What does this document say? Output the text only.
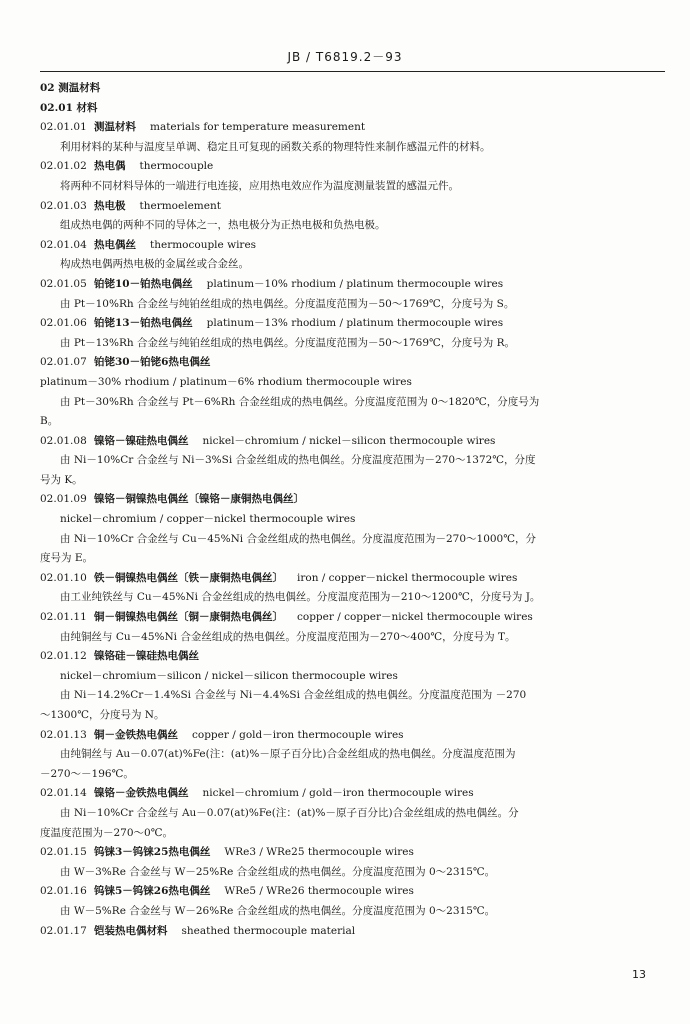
JB / T6819.2－93
02 测温材料
02.01 材料
02.01.01 测温材料 materials for temperature measurement
利用材料的某种与温度呈单调、稳定且可复现的函数关系的物理特性来制作感温元件的材料。
02.01.02 热电偶 thermocouple
将两种不同材料导体的一端进行电连接，应用热电效应作为温度测量装置的感温元件。
02.01.03 热电极 thermoelement
组成热电偶的两种不同的导体之一，热电极分为正热电极和负热电极。
02.01.04 热电偶丝 thermocouple wires
构成热电偶两热电极的金属丝或合金丝。
02.01.05 铂铑10－铂热电偶丝 platinum－10% rhodium / platinum thermocouple wires
由 Pt－10%Rh 合金丝与纯铂丝组成的热电偶丝。分度温度范围为－50～1769℃，分度号为 S。
02.01.06 铂铑13－铂热电偶丝 platinum－13% rhodium / platinum thermocouple wires
由 Pt－13%Rh 合金丝与纯铂丝组成的热电偶丝。分度温度范围为－50～1769℃，分度号为 R。
02.01.07 铂铑30－铂铑6热电偶丝
platinum－30% rhodium / platinum－6% rhodium thermocouple wires
由 Pt－30%Rh 合金丝与 Pt－6%Rh 合金丝组成的热电偶丝。分度温度范围为 0～1820℃，分度号为
B。
02.01.08 镍铬－镍硅热电偶丝 nickel－chromium / nickel－silicon thermocouple wires
由 Ni－10%Cr 合金丝与 Ni－3%Si 合金丝组成的热电偶丝。分度温度范围为－270～1372℃，分度
号为 K。
02.01.09 镍铬－铜镍热电偶丝〔镍铬－康铜热电偶丝〕
nickel－chromium / copper－nickel thermocouple wires
由 Ni－10%Cr 合金丝与 Cu－45%Ni 合金丝组成的热电偶丝。分度温度范围为－270～1000℃，分
度号为 E。
02.01.10 铁－铜镍热电偶丝〔铁－康铜热电偶丝〕 iron / copper－nickel thermocouple wires
由工业纯铁丝与 Cu－45%Ni 合金丝组成的热电偶丝。分度温度范围为－210～1200℃，分度号为 J。
02.01.11 铜－铜镍热电偶丝〔铜－康铜热电偶丝〕 copper / copper－nickel thermocouple wires
由纯铜丝与 Cu－45%Ni 合金丝组成的热电偶丝。分度温度范围为－270～400℃，分度号为 T。
02.01.12 镍铬硅－镍硅热电偶丝
nickel－chromium－silicon / nickel－silicon thermocouple wires
由 Ni－14.2%Cr－1.4%Si 合金丝与 Ni－4.4%Si 合金丝组成的热电偶丝。分度温度范围为 －270
～1300℃，分度号为 N。
02.01.13 铜－金铁热电偶丝 copper / gold－iron thermocouple wires
由纯铜丝与 Au－0.07(at)%Fe(注：(at)%－原子百分比)合金丝组成的热电偶丝。分度温度范围为
－270～－196℃。
02.01.14 镍铬－金铁热电偶丝 nickel－chromium / gold－iron thermocouple wires
由 Ni－10%Cr 合金丝与 Au－0.07(at)%Fe(注：(at)%－原子百分比)合金丝组成的热电偶丝。分
度温度范围为－270～0℃。
02.01.15 钨铼3－钨铼25热电偶丝 WRe3 / WRe25 thermocouple wires
由 W－3%Re 合金丝与 W－25%Re 合金丝组成的热电偶丝。分度温度范围为 0～2315℃。
02.01.16 钨铼5－钨铼26热电偶丝 WRe5 / WRe26 thermocouple wires
由 W－5%Re 合金丝与 W－26%Re 合金丝组成的热电偶丝。分度温度范围为 0～2315℃。
02.01.17 铠装热电偶材料 sheathed thermocouple material
13
